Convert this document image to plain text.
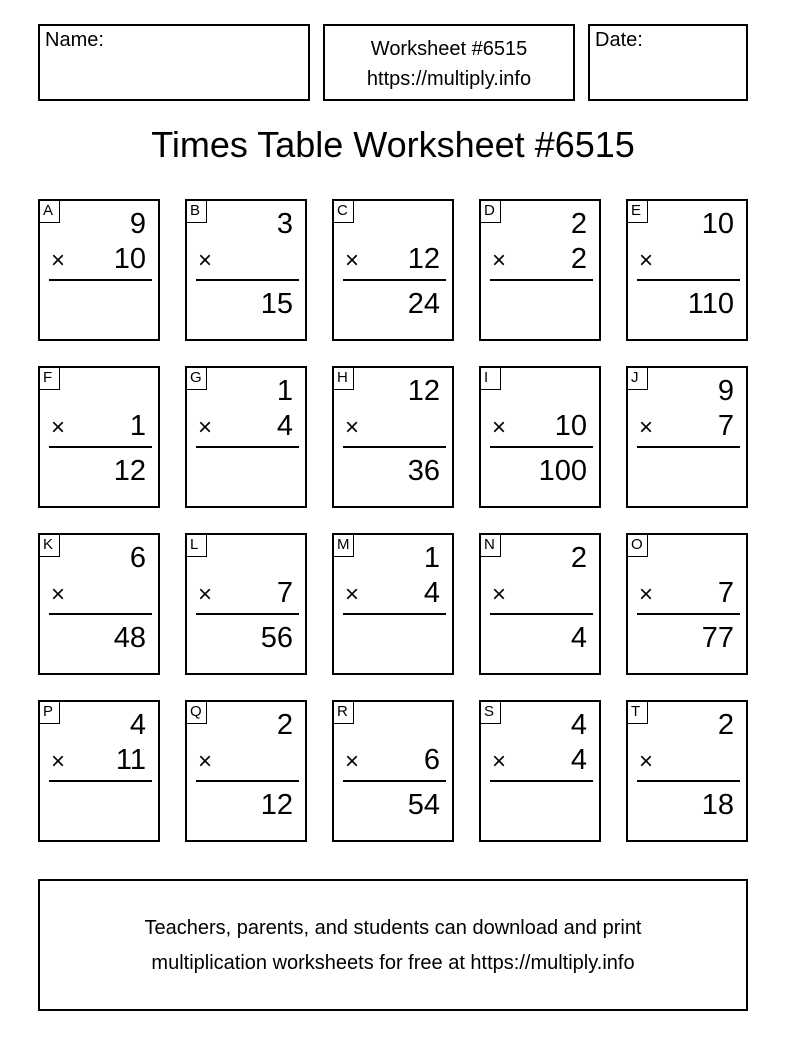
Name:	Worksheet #6515
https://multiply.info
Date:
Times Table Worksheet #6515
A	9
× 10
B	3
×
15
C
× 12
24
D	2
× 2
E 10
×
110
F
× 1
12
G	1
× 4
H 12
×
36
I
× 10
100
J	9
× 7
K	6
×
48
L
× 7
56
M	1
× 4
N	2
×
4
O
× 7
77
P	4
× 11
Q	2
×
12
R
× 6
54
S	4
× 4
T	2
×
18
Teachers, parents, and students can download and print
multiplication worksheets for free at https://multiply.info
